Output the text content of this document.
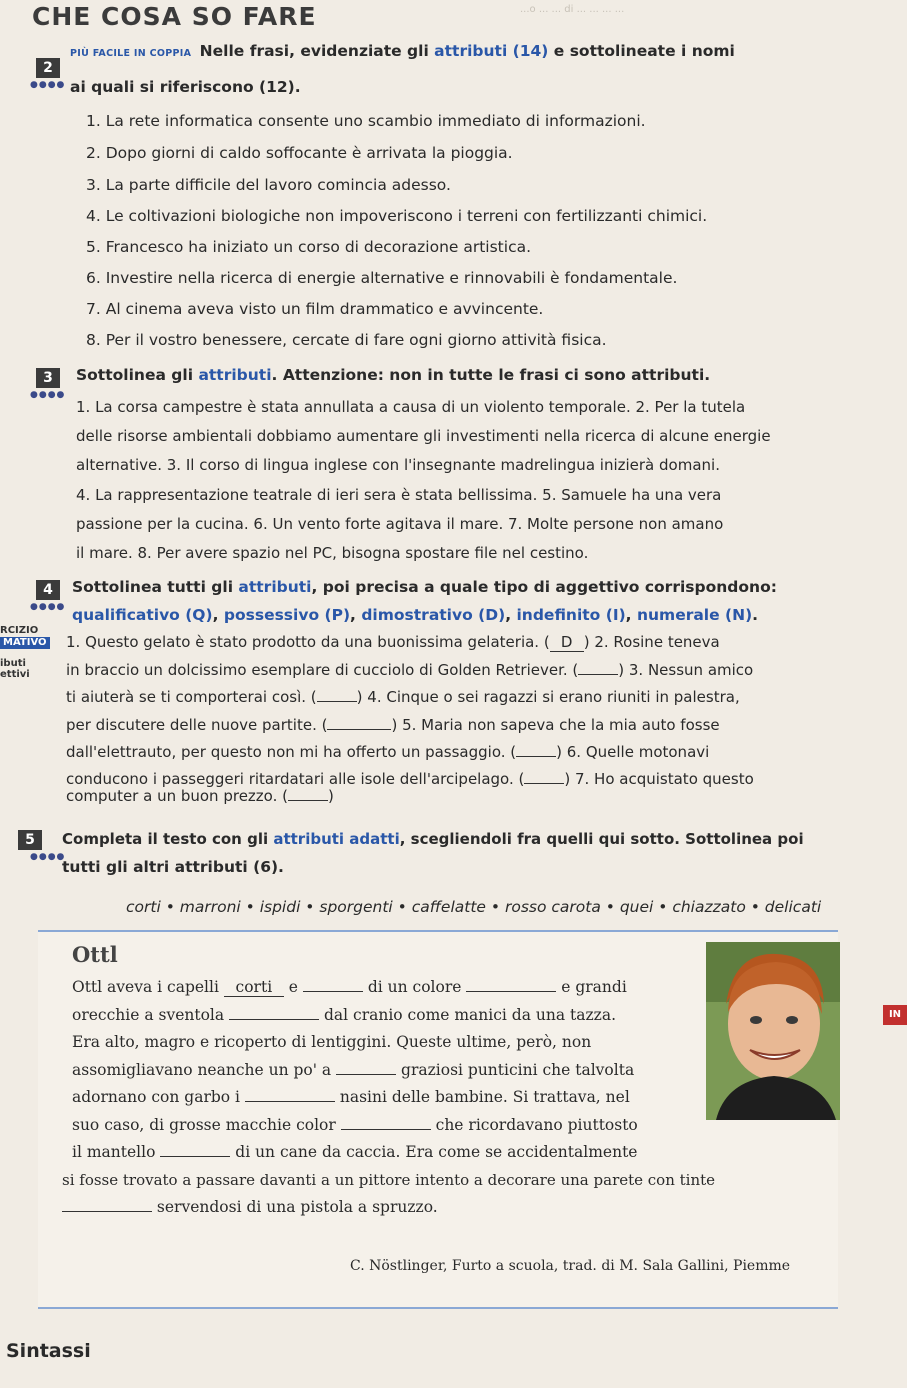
...o ... ... di ... ... ... ...
CHE COSA SO FARE
2
●●●●
PIÙ FACILE IN COPPIA Nelle frasi, evidenziate gli attributi (14) e sottolineate i nomi
ai quali si riferiscono (12).
1. La rete informatica consente uno scambio immediato di informazioni.
2. Dopo giorni di caldo soffocante è arrivata la pioggia.
3. La parte difficile del lavoro comincia adesso.
4. Le coltivazioni biologiche non impoveriscono i terreni con fertilizzanti chimici.
5. Francesco ha iniziato un corso di decorazione artistica.
6. Investire nella ricerca di energie alternative e rinnovabili è fondamentale.
7. Al cinema aveva visto un film drammatico e avvincente.
8. Per il vostro benessere, cercate di fare ogni giorno attività fisica.
3
●●●●
Sottolinea gli attributi. Attenzione: non in tutte le frasi ci sono attributi.
1. La corsa campestre è stata annullata a causa di un violento temporale. 2. Per la tutela
delle risorse ambientali dobbiamo aumentare gli investimenti nella ricerca di alcune energie
alternative. 3. Il corso di lingua inglese con l'insegnante madrelingua inizierà domani.
4. La rappresentazione teatrale di ieri sera è stata bellissima. 5. Samuele ha una vera
passione per la cucina. 6. Un vento forte agitava il mare. 7. Molte persone non amano
il mare. 8. Per avere spazio nel PC, bisogna spostare file nel cestino.
4
●●●●
Sottolinea tutti gli attributi, poi precisa a quale tipo di aggettivo corrispondono:
qualificativo (Q), possessivo (P), dimostrativo (D), indefinito (I), numerale (N).
RCIZIO
MATIVO
ibuti
ettivi
1. Questo gelato è stato prodotto da una buonissima gelateria. ( D ) 2. Rosine teneva
in braccio un dolcissimo esemplare di cucciolo di Golden Retriever. (	) 3. Nessun amico
ti aiuterà se ti comporterai così. (	) 4. Cinque o sei ragazzi si erano riuniti in palestra,
per discutere delle nuove partite. (	) 5. Maria non sapeva che la mia auto fosse
dall'elettrauto, per questo non mi ha offerto un passaggio. (	) 6. Quelle motonavi
conducono i passeggeri ritardatari alle isole dell'arcipelago. (	) 7. Ho acquistato questo
computer a un buon prezzo. (	)
5
●●●●
Completa il testo con gli attributi adatti, scegliendoli fra quelli qui sotto. Sottolinea poi
tutti gli altri attributi (6).
corti • marroni • ispidi • sporgenti • caffelatte • rosso carota • quei • chiazzato • delicati
Ottl
IN
Ottl aveva i capelli corti e	di un colore	e grandi
orecchie a sventola	dal cranio come manici da una tazza.
Era alto, magro e ricoperto di lentiggini. Queste ultime, però, non
assomigliavano neanche un po' a	graziosi punticini che talvolta
adornano con garbo i	nasini delle bambine. Si trattava, nel
suo caso, di grosse macchie color	che ricordavano piuttosto
il mantello	di un cane da caccia. Era come se accidentalmente
si fosse trovato a passare davanti a un pittore intento a decorare una parete con tinte
servendosi di una pistola a spruzzo.
C. Nöstlinger, Furto a scuola, trad. di M. Sala Gallini, Piemme
Sintassi
